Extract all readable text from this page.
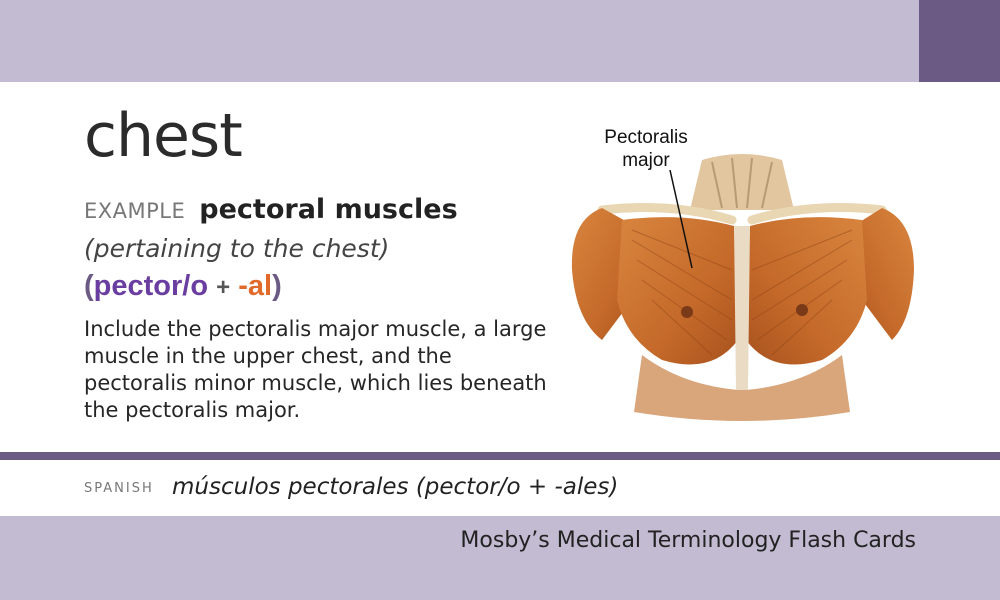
chest
EXAMPLE pectoral muscles
(pertaining to the chest)
(pector/o + -al)
Include the pectoralis major muscle, a large muscle in the upper chest, and the pectoralis minor muscle, which lies beneath the pectoralis major.
Pectoralis
major
SPANISH músculos pectorales (pector/o + -ales)
Mosby’s Medical Terminology Flash Cards
